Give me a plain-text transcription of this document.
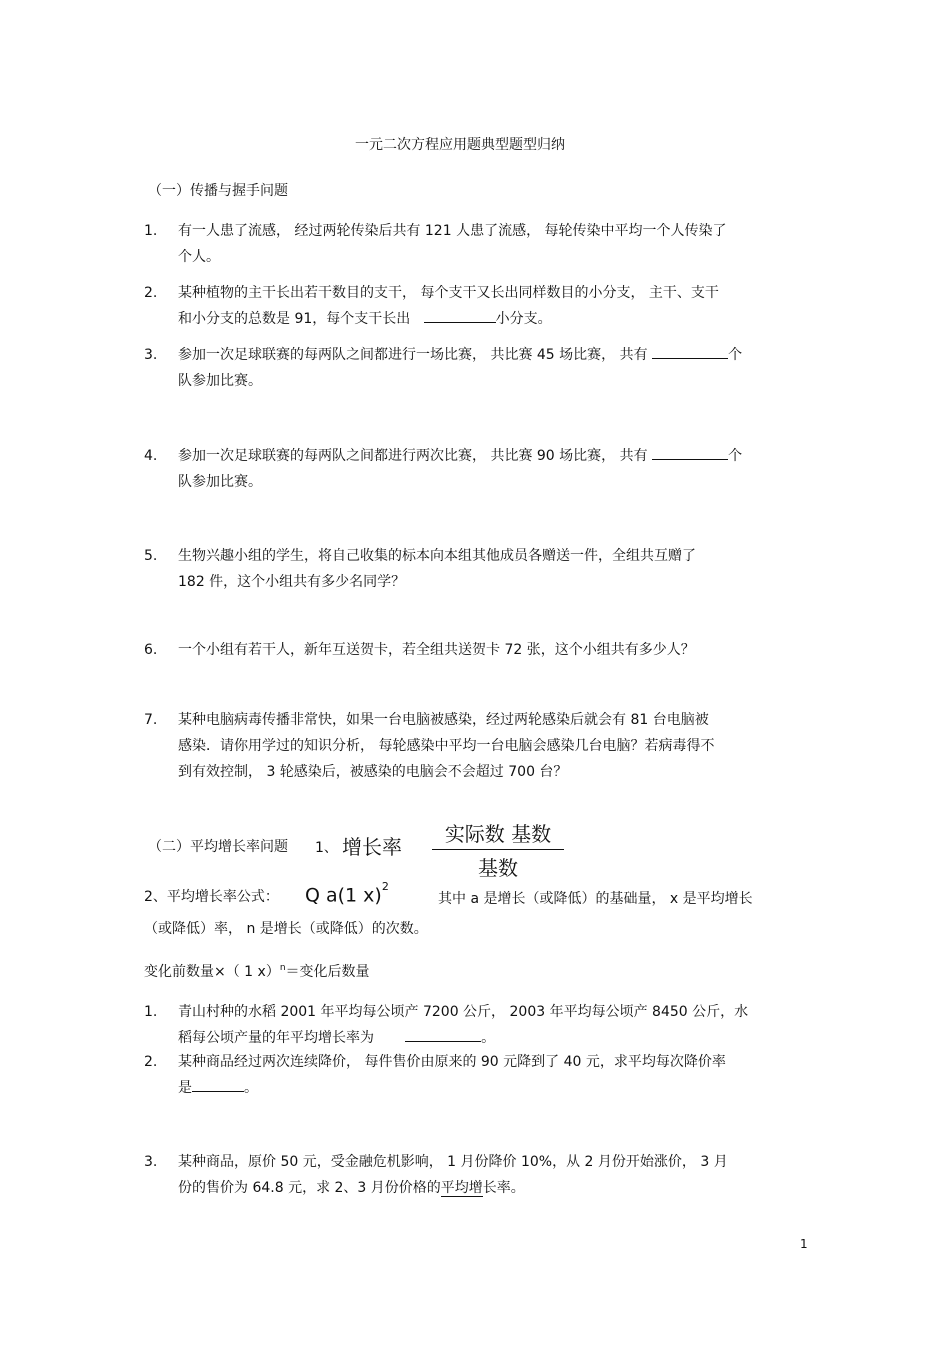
一元二次方程应用题典型题型归纳
（一）传播与握手问题
1. 有一人患了流感， 经过两轮传染后共有 121 人患了流感， 每轮传染中平均一个人传染了
个人。
2. 某种植物的主干长出若干数目的支干， 每个支干又长出同样数目的小分支， 主干、支干
和小分支的总数是 91，每个支干长出	小分支。
3. 参加一次足球联赛的每两队之间都进行一场比赛， 共比赛 45 场比赛， 共有	个
队参加比赛。
4. 参加一次足球联赛的每两队之间都进行两次比赛， 共比赛 90 场比赛， 共有	个
队参加比赛。
5. 生物兴趣小组的学生，将自己收集的标本向本组其他成员各赠送一件，全组共互赠了
182 件，这个小组共有多少名同学？
6. 一个小组有若干人，新年互送贺卡，若全组共送贺卡 72 张，这个小组共有多少人？
7. 某种电脑病毒传播非常快，如果一台电脑被感染，经过两轮感染后就会有 81 台电脑被
感染．请你用学过的知识分析， 每轮感染中平均一台电脑会感染几台电脑？若病毒得不
到有效控制， 3 轮感染后，被感染的电脑会不会超过 700 台？
（二）平均增长率问题 1、 增长率
实际数 基数
基数
2、平均增长率公式： Q a(1 x)$^2$
其中 a 是增长（或降低）的基础量， x 是平均增长
（或降低）率， n 是增长（或降低）的次数。
变化前数量×（ 1 x）$^n$＝变化后数量
1. 青山村种的水稻 2001 年平均每公顷产 7200 公斤， 2003 年平均每公顷产 8450 公斤，水
稻每公顷产量的年平均增长率为	。
2. 某种商品经过两次连续降价， 每件售价由原来的 90 元降到了 40 元，求平均每次降价率
是	。
3. 某种商品，原价 50 元，受金融危机影响， 1 月份降价 10%，从 2 月份开始涨价， 3 月
份的售价为 64.8 元，求 2、3 月份价格的平均增长率。
1
